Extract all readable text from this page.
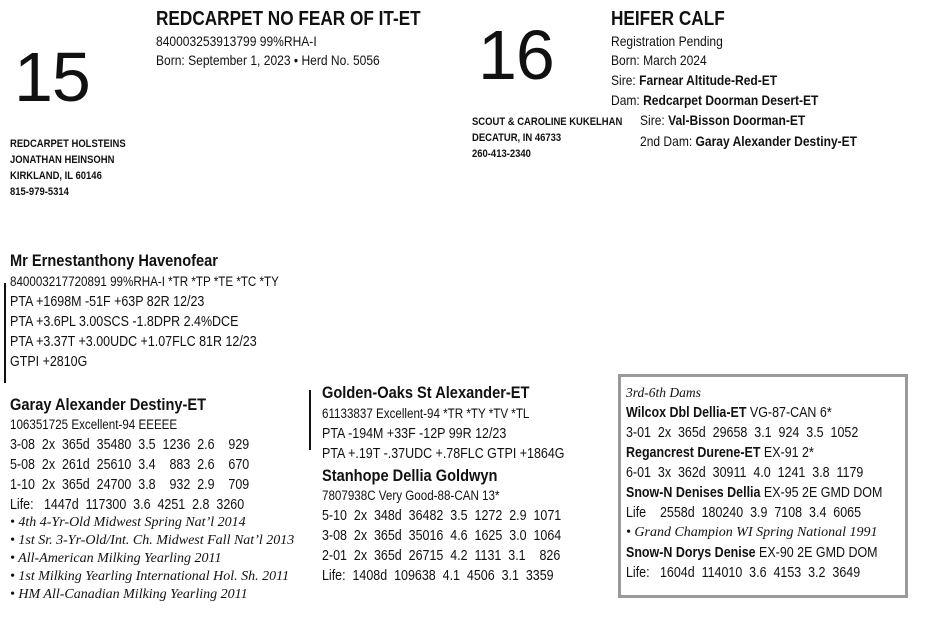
15
REDCARPET NO FEAR OF IT-ET
840003253913799 99%RHA-I
Born: September 1, 2023 • Herd No. 5056
REDCARPET HOLSTEINS
JONATHAN HEINSOHN
KIRKLAND, IL 60146
815-979-5314
16	HEIFER CALF
Registration Pending
Born: March 2024
Sire: Farnear Altitude-Red-ET
Dam: Redcarpet Doorman Desert-ET
Sire: Val-Bisson Doorman-ET
2nd Dam: Garay Alexander Destiny-ET
SCOUT & CAROLINE KUKELHAN
DECATUR, IN 46733
260-413-2340
Mr Ernestanthony Havenofear
840003217720891 99%RHA-I *TR *TP *TE *TC *TY
PTA +1698M -51F +63P 82R 12/23
PTA +3.6PL 3.00SCS -1.8DPR 2.4%DCE
PTA +3.37T +3.00UDC +1.07FLC 81R 12/23
GTPI +2810G
Garay Alexander Destiny-ET
106351725 Excellent-94 EEEEE
3-08  2x  365d  35480  3.5  1236  2.6    929
5-08  2x  261d  25610  3.4    883  2.6    670
1-10  2x  365d  24700  3.8    932  2.9    709
Life:   1447d  117300  3.6  4251  2.8  3260
• 4th 4-Yr-Old Midwest Spring Nat’l 2014
• 1st Sr. 3-Yr-Old/Int. Ch. Midwest Fall Nat’l 2013
• All-American Milking Yearling 2011
• 1st Milking Yearling International Hol. Sh. 2011
• HM All-Canadian Milking Yearling 2011
Golden-Oaks St Alexander-ET
61133837 Excellent-94 *TR *TY *TV *TL
PTA -194M +33F -12P 99R 12/23
PTA +.19T -.37UDC +.78FLC GTPI +1864G
Stanhope Dellia Goldwyn
7807938C Very Good-88-CAN 13*
5-10  2x  348d  36482  3.5  1272  2.9  1071
3-08  2x  365d  35016  4.6  1625  3.0  1064
2-01  2x  365d  26715  4.2  1131  3.1    826
Life:  1408d  109638  4.1  4506  3.1  3359
3rd-6th Dams
Wilcox Dbl Dellia-ET VG-87-CAN 6*
3-01  2x  365d  29658  3.1  924  3.5  1052
Regancrest Durene-ET EX-91 2*
6-01  3x  362d  30911  4.0  1241  3.8  1179
Snow-N Denises Dellia EX-95 2E GMD DOM
Life    2558d  180240  3.9  7108  3.4  6065
• Grand Champion WI Spring National 1991
Snow-N Dorys Denise EX-90 2E GMD DOM
Life:   1604d  114010  3.6  4153  3.2  3649
